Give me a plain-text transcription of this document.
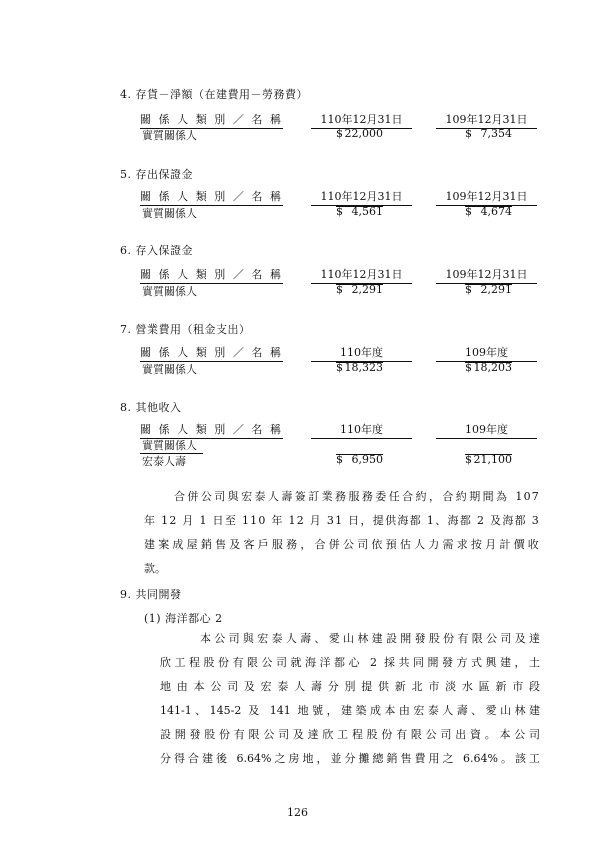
4. 存貨－淨額（在建費用－勞務費）
關係人類別／名稱	110年12月31日	109年12月31日
實質關係人	$ 22,000	$ 7,354
5. 存出保證金
關係人類別／名稱	110年12月31日	109年12月31日
實質關係人	$ 4,561	$ 4,674
6. 存入保證金
關係人類別／名稱	110年12月31日	109年12月31日
實質關係人	$ 2,291	$ 2,291
7. 營業費用（租金支出）
關係人類別／名稱	110年度	109年度
實質關係人	$ 18,323	$ 18,203
8. 其他收入
關係人類別／名稱	110年度	109年度
實質關係人
宏泰人壽	$ 6,950	$ 21,100
合併公司與宏泰人壽簽訂業務服務委任合約，合約期間為 107
年 12 月 1 日至 110 年 12 月 31 日，提供海都 1、海都 2 及海都 3
建案成屋銷售及客戶服務，合併公司依預估人力需求按月計價收
款。
9. 共同開發
(1) 海洋都心 2
本公司與宏泰人壽、愛山林建設開發股份有限公司及達
欣工程股份有限公司就海洋都心 2 採共同開發方式興建，土
地由本公司及宏泰人壽分別提供新北市淡水區新市段
141-1、145-2 及 141 地號，建築成本由宏泰人壽、愛山林建
設開發股份有限公司及達欣工程股份有限公司出資。本公司
分得合建後 6.64%之房地，並分攤總銷售費用之 6.64%。該工
126
